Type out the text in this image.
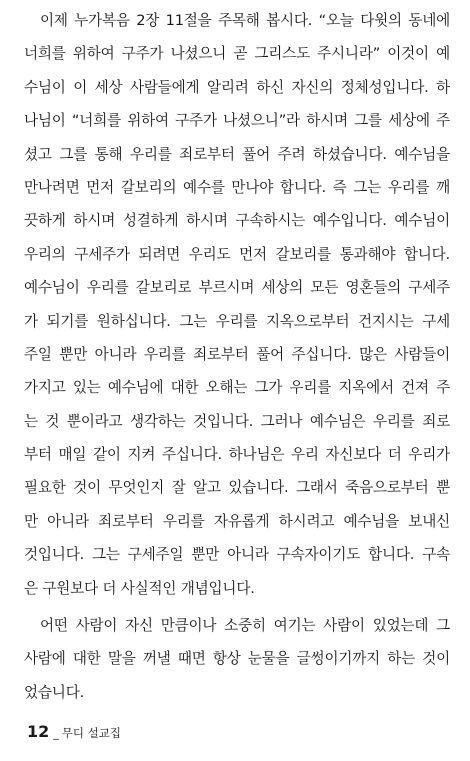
이제 누가복음 2장 11절을 주목해 봅시다. “오늘 다윗의 동네에
너희를 위하여 구주가 나셨으니 곧 그리스도 주시니라” 이것이 예
수님이 이 세상 사람들에게 알리려 하신 자신의 정체성입니다. 하
나님이 “너희를 위하여 구주가 나셨으니”라 하시며 그를 세상에 주
셨고 그를 통해 우리를 죄로부터 풀어 주려 하셨습니다. 예수님을
만나려면 먼저 갈보리의 예수를 만나야 합니다. 즉 그는 우리를 깨
끗하게 하시며 성결하게 하시며 구속하시는 예수입니다. 예수님이
우리의 구세주가 되려면 우리도 먼저 갈보리를 통과해야 합니다.
예수님이 우리를 갈보리로 부르시며 세상의 모든 영혼들의 구세주
가 되기를 원하십니다. 그는 우리를 지옥으로부터 건지시는 구세
주일 뿐만 아니라 우리를 죄로부터 풀어 주십니다. 많은 사람들이
가지고 있는 예수님에 대한 오해는 그가 우리를 지옥에서 건져 주
는 것 뿐이라고 생각하는 것입니다. 그러나 예수님은 우리를 죄로
부터 매일 같이 지켜 주십니다. 하나님은 우리 자신보다 더 우리가
필요한 것이 무엇인지 잘 알고 있습니다. 그래서 죽음으로부터 뿐
만 아니라 죄로부터 우리를 자유롭게 하시려고 예수님을 보내신
것입니다. 그는 구세주일 뿐만 아니라 구속자이기도 합니다. 구속
은 구원보다 더 사실적인 개념입니다.
어떤 사람이 자신 만큼이나 소중히 여기는 사람이 있었는데 그
사람에 대한 말을 꺼낼 때면 항상 눈물을 글썽이기까지 하는 것이
었습니다.
12 _ 무디 설교집
